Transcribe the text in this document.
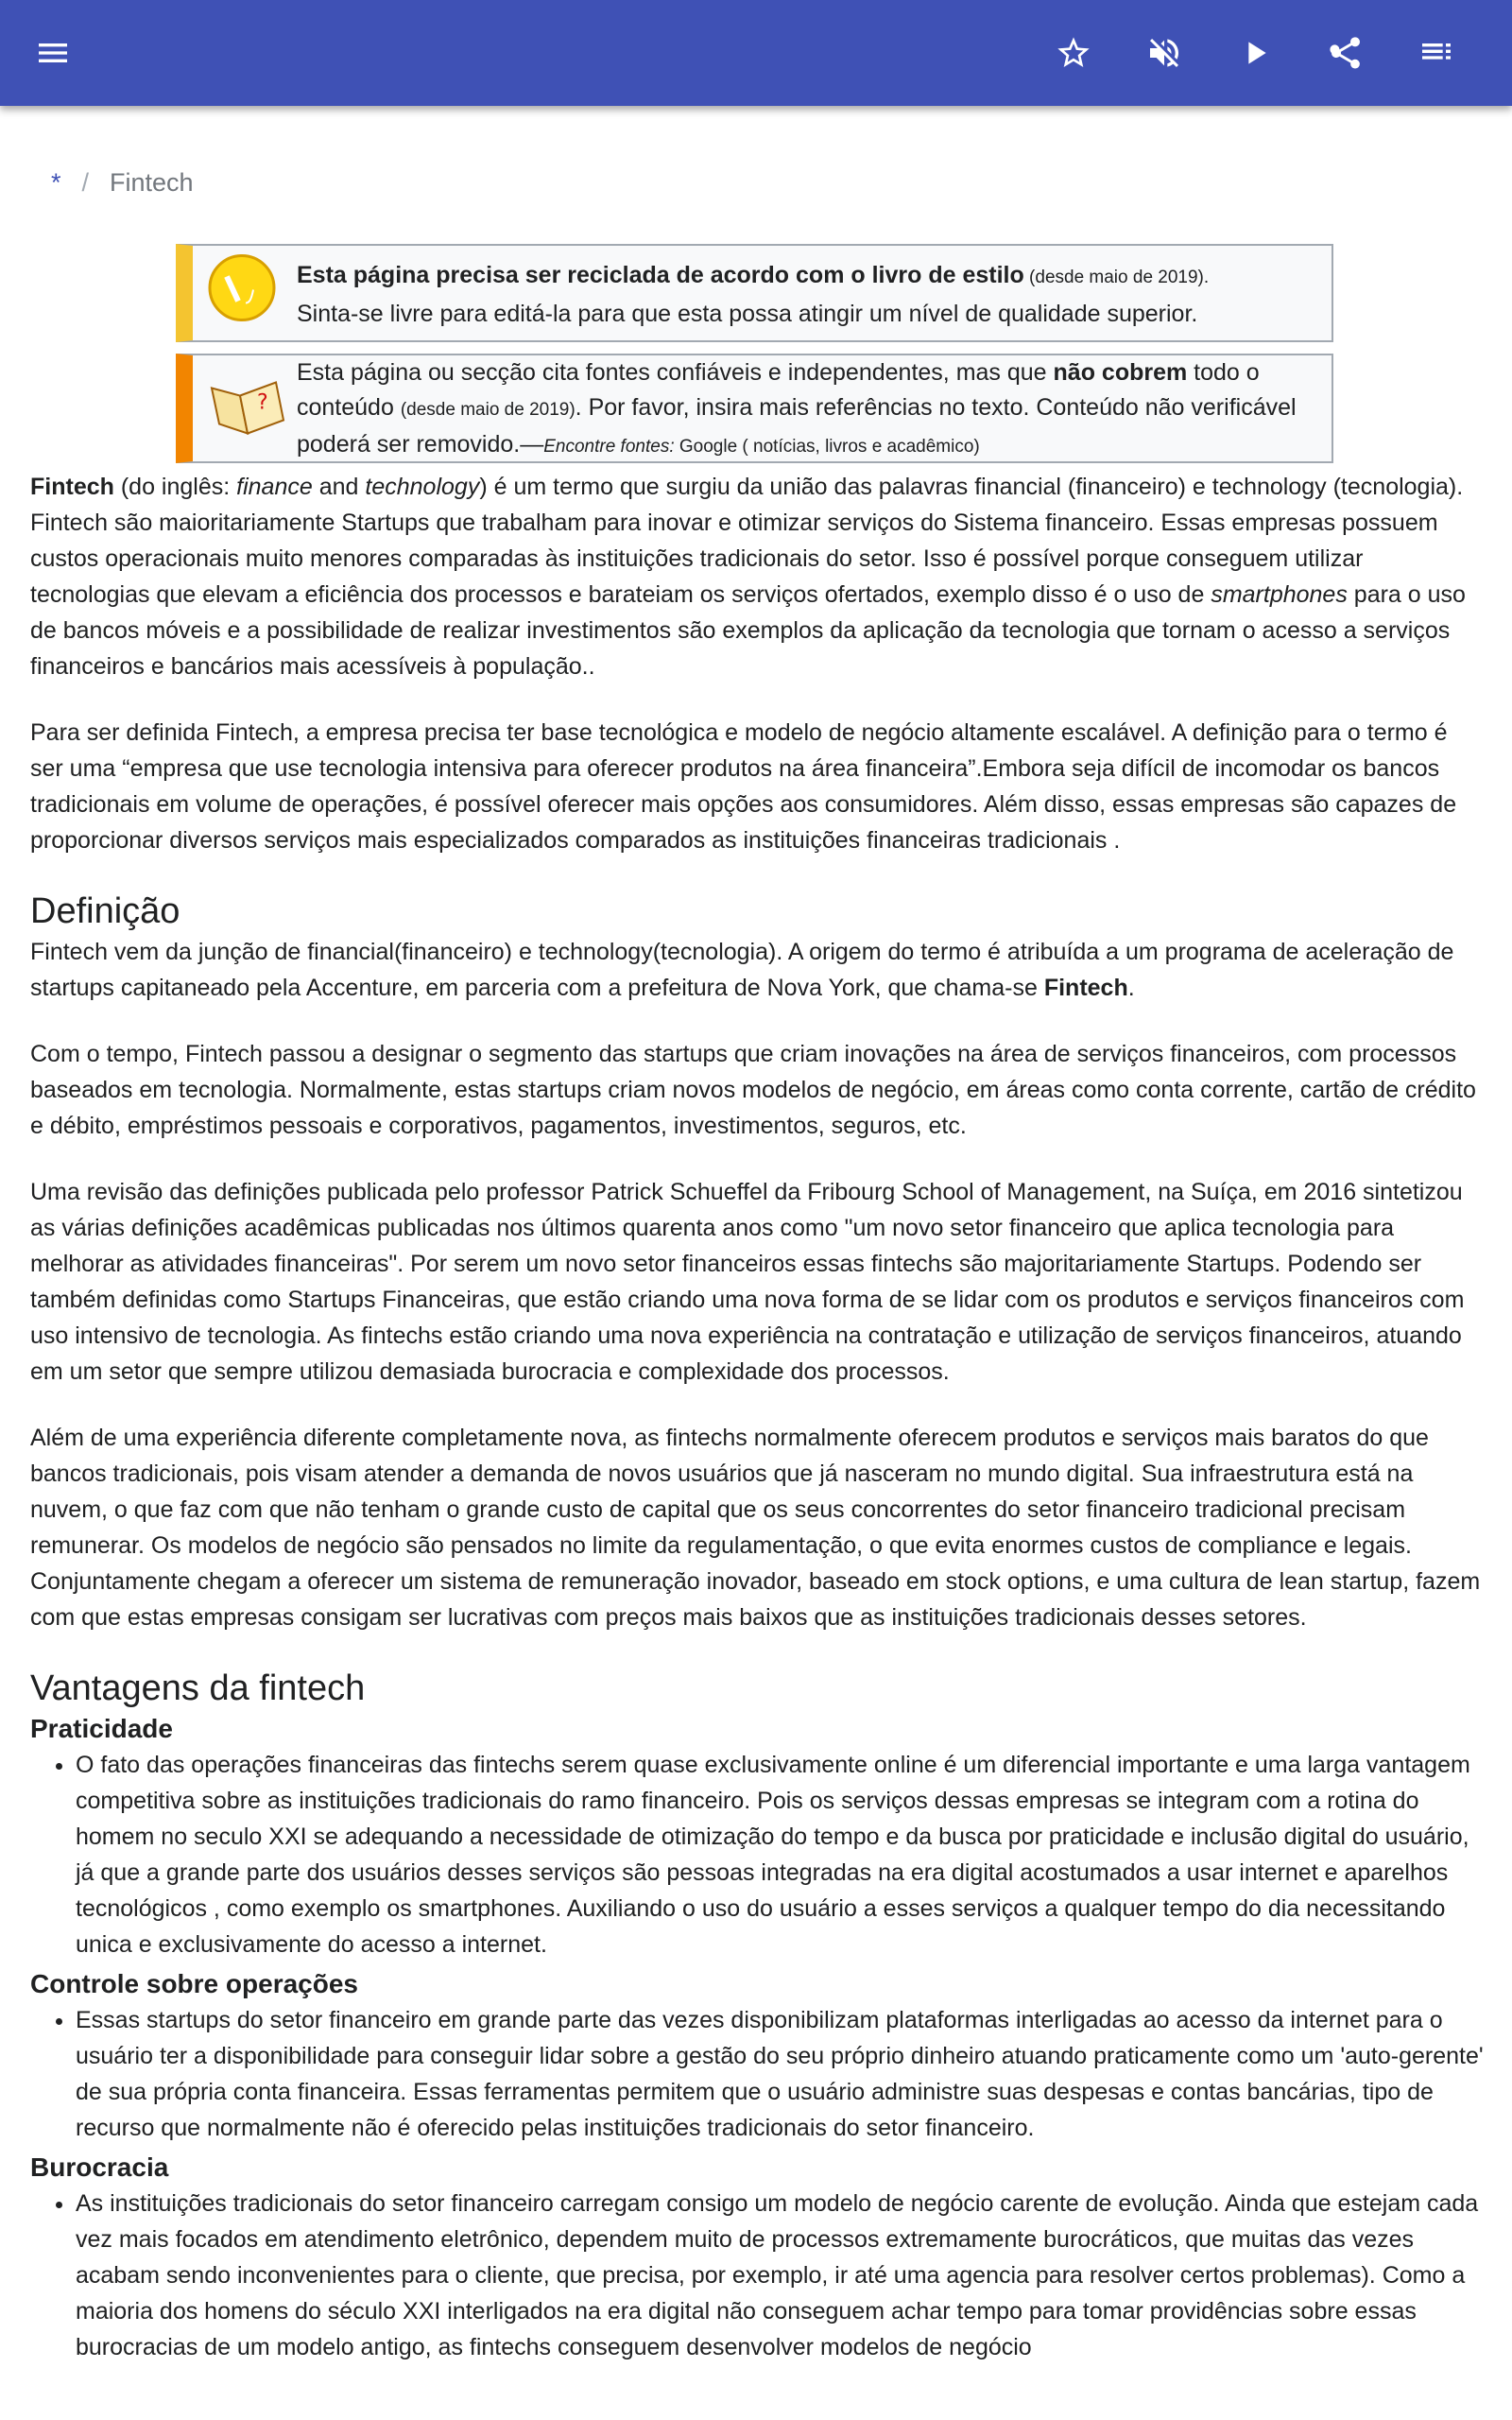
* / Fintech
Esta página precisa ser reciclada de acordo com o livro de estilo (desde maio de 2019).
Sinta-se livre para editá-la para que esta possa atingir um nível de qualidade superior.
?
Esta página ou secção cita fontes confiáveis e independentes, mas que não cobrem todo o conteúdo (desde maio de 2019). Por favor, insira mais referências no texto. Conteúdo não verificável poderá ser removido.—Encontre fontes: Google ( notícias, livros e acadêmico)

Fintech (do inglês: finance and technology) é um termo que surgiu da união das palavras financial (financeiro) e technology (tecnologia). Fintech são maioritariamente Startups que trabalham para inovar e otimizar serviços do Sistema financeiro. Essas empresas possuem custos operacionais muito menores comparadas às instituições tradicionais do setor. Isso é possível porque conseguem utilizar tecnologias que elevam a eficiência dos processos e barateiam os serviços ofertados, exemplo disso é o uso de smartphones para o uso de bancos móveis e a possibilidade de realizar investimentos são exemplos da aplicação da tecnologia que tornam o acesso a serviços financeiros e bancários mais acessíveis à população..

Para ser definida Fintech, a empresa precisa ter base tecnológica e modelo de negócio altamente escalável. A definição para o termo é ser uma “empresa que use tecnologia intensiva para oferecer produtos na área financeira”.Embora seja difícil de incomodar os bancos tradicionais em volume de operações, é possível oferecer mais opções aos consumidores. Além disso, essas empresas são capazes de proporcionar diversos serviços mais especializados comparados as instituições financeiras tradicionais .

Definição

Fintech vem da junção de financial(financeiro) e technology(tecnologia). A origem do termo é atribuída a um programa de aceleração de startups capitaneado pela Accenture, em parceria com a prefeitura de Nova York, que chama-se Fintech.

Com o tempo, Fintech passou a designar o segmento das startups que criam inovações na área de serviços financeiros, com processos baseados em tecnologia. Normalmente, estas startups criam novos modelos de negócio, em áreas como conta corrente, cartão de crédito e débito, empréstimos pessoais e corporativos, pagamentos, investimentos, seguros, etc.

Uma revisão das definições publicada pelo professor Patrick Schueffel da Fribourg School of Management, na Suíça, em 2016 sintetizou as várias definições acadêmicas publicadas nos últimos quarenta anos como "um novo setor financeiro que aplica tecnologia para melhorar as atividades financeiras". Por serem um novo setor financeiros essas fintechs são majoritariamente Startups. Podendo ser também definidas como Startups Financeiras, que estão criando uma nova forma de se lidar com os produtos e serviços financeiros com uso intensivo de tecnologia. As fintechs estão criando uma nova experiência na contratação e utilização de serviços financeiros, atuando em um setor que sempre utilizou demasiada burocracia e complexidade dos processos.

Além de uma experiência diferente completamente nova, as fintechs normalmente oferecem produtos e serviços mais baratos do que bancos tradicionais, pois visam atender a demanda de novos usuários que já nasceram no mundo digital. Sua infraestrutura está na nuvem, o que faz com que não tenham o grande custo de capital que os seus concorrentes do setor financeiro tradicional precisam remunerar. Os modelos de negócio são pensados no limite da regulamentação, o que evita enormes custos de compliance e legais. Conjuntamente chegam a oferecer um sistema de remuneração inovador, baseado em stock options, e uma cultura de lean startup, fazem com que estas empresas consigam ser lucrativas com preços mais baixos que as instituições tradicionais desses setores.

Vantagens da fintech
Praticidade
• O fato das operações financeiras das fintechs serem quase exclusivamente online é um diferencial importante e uma larga vantagem competitiva sobre as instituições tradicionais do ramo financeiro. Pois os serviços dessas empresas se integram com a rotina do homem no seculo XXI se adequando a necessidade de otimização do tempo e da busca por praticidade e inclusão digital do usuário, já que a grande parte dos usuários desses serviços são pessoas integradas na era digital acostumados a usar internet e aparelhos tecnológicos , como exemplo os smartphones. Auxiliando o uso do usuário a esses serviços a qualquer tempo do dia necessitando unica e exclusivamente do acesso a internet.
Controle sobre operações
• Essas startups do setor financeiro em grande parte das vezes disponibilizam plataformas interligadas ao acesso da internet para o usuário ter a disponibilidade para conseguir lidar sobre a gestão do seu próprio dinheiro atuando praticamente como um 'auto-gerente' de sua própria conta financeira. Essas ferramentas permitem que o usuário administre suas despesas e contas bancárias, tipo de recurso que normalmente não é oferecido pelas instituições tradicionais do setor financeiro.
Burocracia
• As instituições tradicionais do setor financeiro carregam consigo um modelo de negócio carente de evolução. Ainda que estejam cada vez mais focados em atendimento eletrônico, dependem muito de processos extremamente burocráticos, que muitas das vezes acabam sendo inconvenientes para o cliente, que precisa, por exemplo, ir até uma agencia para resolver certos problemas). Como a maioria dos homens do século XXI interligados na era digital não conseguem achar tempo para tomar providências sobre essas burocracias de um modelo antigo, as fintechs conseguem desenvolver modelos de negócio
